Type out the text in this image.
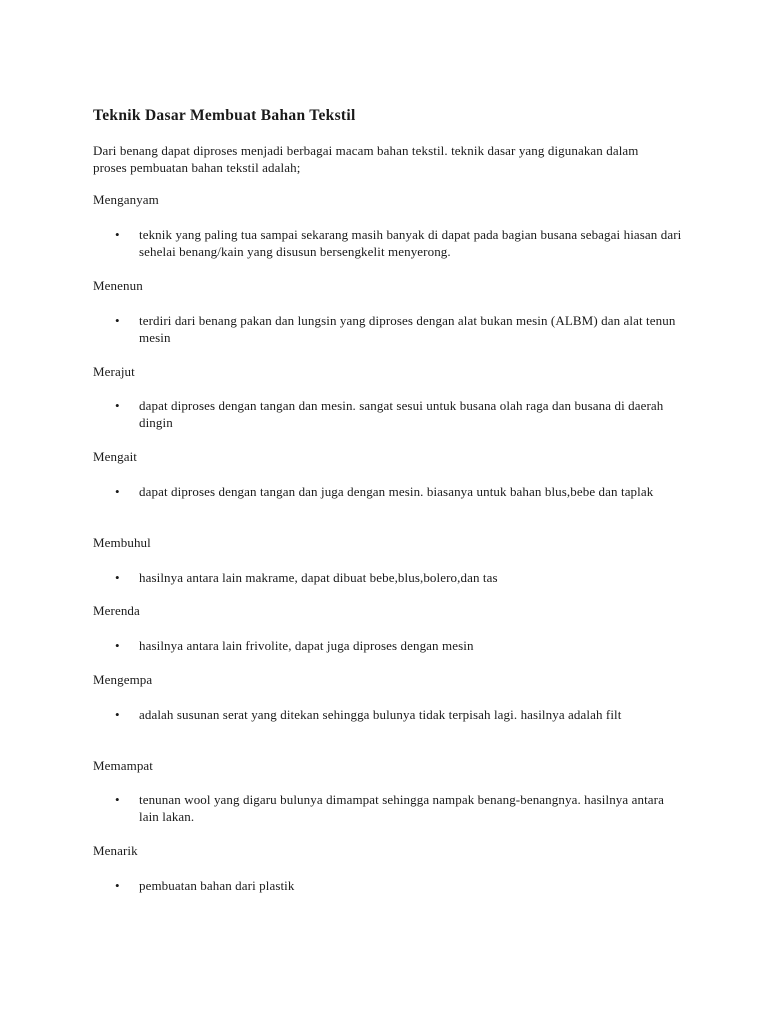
Teknik Dasar Membuat Bahan Tekstil

Dari benang dapat diproses menjadi berbagai macam bahan tekstil. teknik dasar yang digunakan dalam proses pembuatan bahan tekstil adalah;

Menganyam

•	teknik yang paling tua sampai sekarang masih banyak di dapat pada bagian busana sebagai hiasan dari sehelai benang/kain yang disusun bersengkelit menyerong.

Menenun

•	terdiri dari benang pakan dan lungsin yang diproses dengan alat bukan mesin (ALBM) dan alat tenun mesin

Merajut

•	dapat diproses dengan tangan dan mesin. sangat sesui untuk busana olah raga dan busana di daerah dingin

Mengait

•	dapat diproses dengan tangan dan juga dengan mesin. biasanya untuk bahan blus,bebe dan taplak

Membuhul

•	hasilnya antara lain makrame, dapat dibuat bebe,blus,bolero,dan tas

Merenda

•	hasilnya antara lain frivolite, dapat juga diproses dengan mesin

Mengempa

•	adalah susunan serat yang ditekan sehingga bulunya tidak terpisah lagi. hasilnya adalah filt

Memampat

•	tenunan wool yang digaru bulunya dimampat sehingga nampak benang-benangnya. hasilnya antara lain lakan.

Menarik

•	pembuatan bahan dari plastik
